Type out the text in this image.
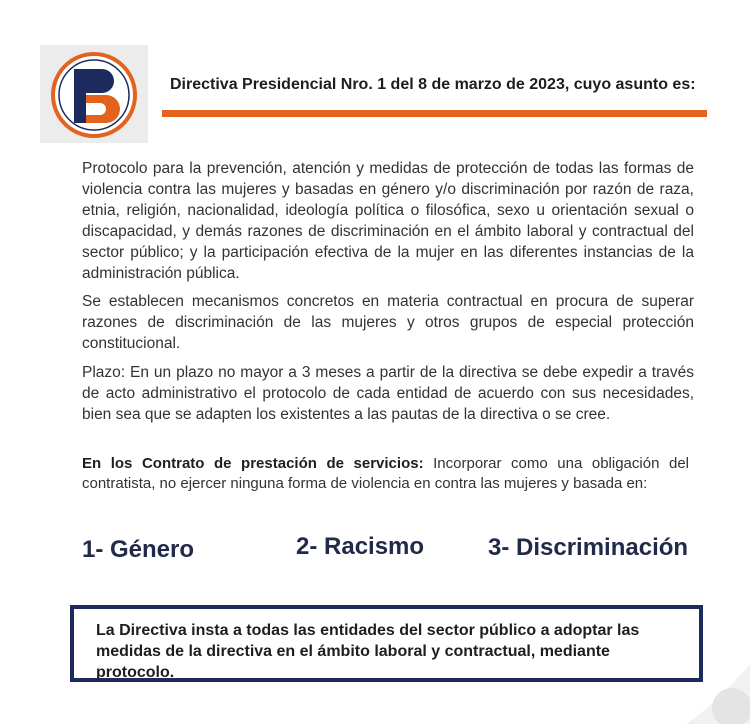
Directiva Presidencial Nro. 1 del 8 de marzo de 2023, cuyo asunto es:
Protocolo para la prevención, atención y medidas de protección de todas las formas de violencia contra las mujeres y basadas en género y/o discriminación por razón de raza, etnia, religión, nacionalidad, ideología política o filosófica, sexo u orientación sexual o discapacidad, y demás razones de discriminación en el ámbito laboral y contractual del sector público; y la participación efectiva de la mujer en las diferentes instancias de la administración pública.
Se establecen mecanismos concretos en materia contractual en procura de superar razones de discriminación de las mujeres y otros grupos de especial protección constitucional.
Plazo: En un plazo no mayor a 3 meses a partir de la directiva se debe expedir a través de acto administrativo el protocolo de cada entidad de acuerdo con sus necesidades, bien sea que se adapten los existentes a las pautas de la directiva o se cree.
En los Contrato de prestación de servicios: Incorporar como una obligación del contratista, no ejercer ninguna forma de violencia en contra las mujeres y basada en:
1- Género	2- Racismo	3- Discriminación
La Directiva insta a todas las entidades del sector público a adoptar las medidas de la directiva en el ámbito laboral y contractual, mediante protocolo.
